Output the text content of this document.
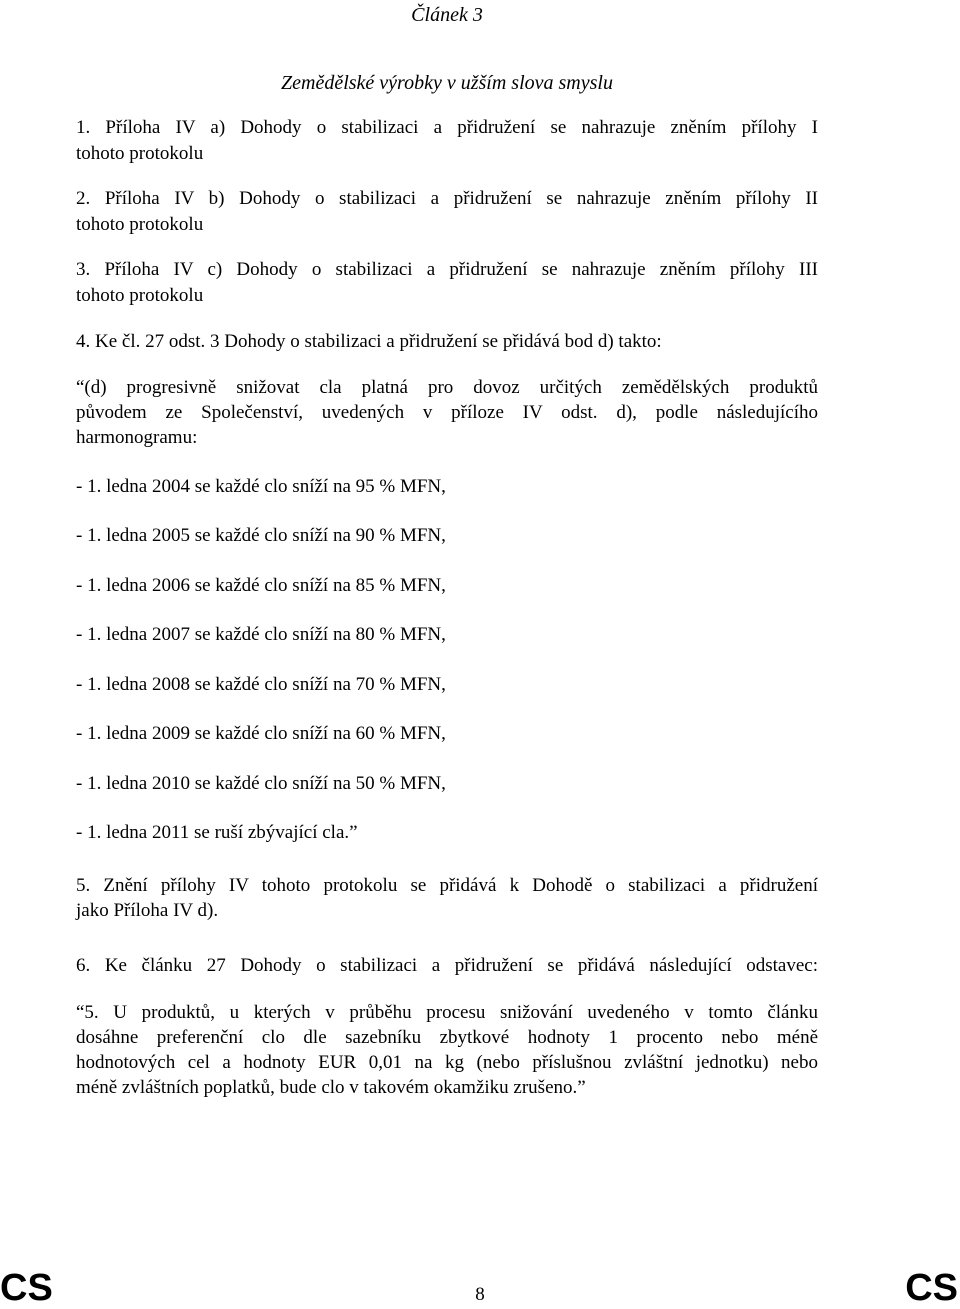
Článek 3

Zemědělské výrobky v užším slova smyslu

1. Příloha IV a) Dohody o stabilizaci a přidružení se nahrazuje zněním přílohy I

tohoto protokolu

2. Příloha IV b) Dohody o stabilizaci a přidružení se nahrazuje zněním přílohy II

tohoto protokolu

3. Příloha IV c) Dohody o stabilizaci a přidružení se nahrazuje zněním přílohy III

tohoto protokolu

4. Ke čl. 27 odst. 3 Dohody o stabilizaci a přidružení se přidává bod d) takto:

“(d) progresivně snižovat cla platná pro dovoz určitých zemědělských produktů

původem ze Společenství, uvedených v příloze IV odst. d), podle následujícího

harmonogramu:

- 1. ledna 2004 se každé clo sníží na 95 % MFN,

- 1. ledna 2005 se každé clo sníží na 90 % MFN,

- 1. ledna 2006 se každé clo sníží na 85 % MFN,

- 1. ledna 2007 se každé clo sníží na 80 % MFN,

- 1. ledna 2008 se každé clo sníží na 70 % MFN,

- 1. ledna 2009 se každé clo sníží na 60 % MFN,

- 1. ledna 2010 se každé clo sníží na 50 % MFN,

- 1. ledna 2011 se ruší zbývající cla.”

5. Znění přílohy IV tohoto protokolu se přidává k Dohodě o stabilizaci a přidružení

jako Příloha IV d).

6. Ke článku 27 Dohody o stabilizaci a přidružení se přidává následující odstavec:

“5. U produktů, u kterých v průběhu procesu snižování uvedeného v tomto článku

dosáhne preferenční clo dle sazebníku zbytkové hodnoty 1 procento nebo méně

hodnotových cel a hodnoty EUR 0,01 na kg (nebo příslušnou zvláštní jednotku) nebo

méně zvláštních poplatků, bude clo v takovém okamžiku zrušeno.”

CS	8	CS
